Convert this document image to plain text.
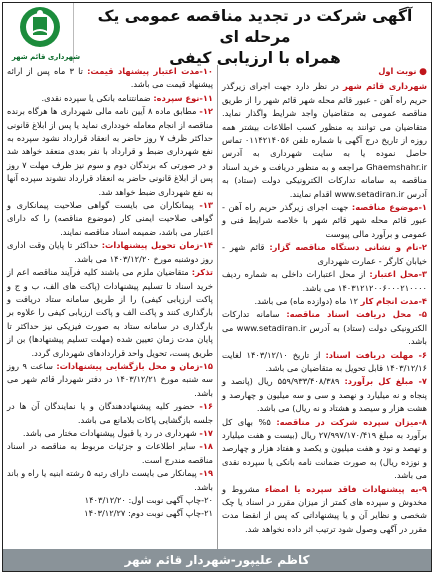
آگهی شرکت در تجدید مناقصه عمومی یک مرحله ای
همراه با ارزیابی کیفی
شهرداری قائم شهر
● نوبت اول

شهرداری قائم شهر در نظر دارد جهت اجرای زیرگذر حریم راه آهن - عبور قائم محله شهر قائم شهر را از طریق مناقصه عمومی به متقاضیان واجد شرایط واگذار نماید. متقاضیان می توانند به منظور کسب اطلاعات بیشتر همه روزه از تاریخ درج آگهی با شماره تلفن ۰۱۱۴۲۱۴۰۵۶ تماس حاصل نموده یا به سایت شهرداری به آدرس Ghaemshahr.ir مراجعه و به منظور دریافت و خرید اسناد مناقصه به سامانه تدارکات الکترونیکی دولت (ستاد) به آدرس www.setadiran.ir اقدام نمایند.

۱-موضوع مناقصه: جهت اجرای زیرگذر حریم راه آهن - عبور قائم محله شهر قائم شهر با خلاصه شرایط فنی و عمومی و برآورد مالی پیوست

۲-نام و نشانی دستگاه مناقصه گزار: قائم شهر - خیابان کارگر - عمارت شهرداری

۳-محل اعتبار: از محل اعتبارات داخلی به شماره ردیف ۱۴۰۳۱۲۱۲۰۰۶۰۰۰۲۱۰۰۰۰ می باشد.

۴-مدت انجام کار ۱۲ ماه (دوازده ماه) می باشد.

۵- محل دریافت اسناد مناقصه: سامانه تدارکات الکترونیکی دولت (ستاد) به آدرس www.setadiran.ir می باشد.

۶- مهلت دریافت اسناد: از تاریخ ۱۴۰۳/۱۲/۱۰ لغایت ۱۴۰۳/۱۲/۱۶ قابل تحویل به متقاضیان می باشد.

۷- مبلغ کل برآورد: ۵۵۹/۹۳۳/۴۰۸/۳۸۹ ریال (پانصد و پنجاه و نه میلیارد و نهصد و سی و سه میلیون و چهارصد و هشت هزار و سیصد و هشتاد و نه ریال) می باشد.

۸-میزان سپرده شرکت در مناقصه: ۵% بهای کل برآورد به مبلغ ۲۷/۹۹۷/۱۷۰/۴۱۹ ریال (بیست و هفت میلیارد و نهصد و نود و هفت میلیون و یکصد و هفتاد هزار و چهارصد و نوزده ریال) به صورت ضمانت نامه بانکی یا سپرده نقدی می باشد.

۹-به پیشنهادات فاقد سپرده یا امضاء مشروط و مخدوش و سپرده های کمتر از میزان مقرر در اسناد یا چک شخصی و نظایر آن و یا پیشنهاداتی که پس از انقضا مدت مقرر در آگهی وصول شود ترتیب اثر داده نخواهد شد.

۱۰-مدت اعتبار پیشنهاد قیمت: تا ۳ ماه پس از ارائه پیشنهاد قیمت می باشد.

۱۱-نوع سپرده: ضمانتنامه بانکی یا سپرده نقدی.

۱۲- مطابق ماده ۸ آیین نامه مالی شهرداری ها هرگاه برنده مناقصه از انجام معامله خودداری نماید یا پس از ابلاغ قانونی حداکثر ظرف ۷ روز حاضر به انعقاد قرارداد نشود سپرده به نفع شهرداری ضبط و قرارداد با نفر بعدی منعقد خواهد شد و در صورتی که برندگان دوم و سوم نیز ظرف مهلت ۷ روز پس از ابلاغ قانونی حاضر به انعقاد قرارداد نشوند سپرده آنها به نفع شهرداری ضبط خواهد شد.

۱۳- پیمانکاران می بایست گواهی صلاحیت پیمانکاری و گواهی صلاحیت ایمنی کار (موضوع مناقصه) را که دارای اعتبار می باشد، ضمیمه اسناد مناقصه نمایند.

۱۴-زمان تحویل پیشنهادات: حداکثر تا پایان وقت اداری روز دوشنبه مورخ ۱۴۰۳/۱۲/۲۰ می باشد.

تذکر: متقاضیان ملزم می باشند کلیه فرآیند مناقصه اعم از خرید اسناد تا تسلیم پیشنهادات (پاکت های الف، ب و ج و پاکت ارزیابی کیفی) را از طریق سامانه ستاد دریافت و بارگذاری کنند و پاکت الف و پاکت ارزیابی کیفی را علاوه بر بارگذاری در سامانه ستاد به صورت فیزیکی نیز حداکثر تا پایان مدت زمان تعیین شده (مهلت تسلیم پیشنهادها) بن از طریق پست، تحویل واحد قراردادهای شهرداری گردد.

۱۵-زمان و محل بازگشایی پیشنهادات: ساعت ۹ روز سه شنبه مورخ ۱۴۰۳/۱۲/۲۱ در دفتر شهردار قائم شهر می باشد.

۱۶- حضور کلیه پیشنهاددهندگان و یا نمایندگان آن ها در جلسه بازگشایی پاکات بلامانع می باشد.

۱۷- شهرداری در رد یا قبول پیشنهادات مختار می باشد.

۱۸- سایر اطلاعات و جزئیات مربوط به مناقصه در اسناد مناقصه مندرج است.

۱۹- پیمانکار می بایست دارای رتبه ۵ رشته ابنیه یا راه و باند باشد.

۲۰-چاپ آگهی نوبت اول: ۱۴۰۳/۱۲/۲۰

۲۱-چاپ آگهی نوبت دوم: ۱۴۰۳/۱۲/۲۷

کاظم علیپور-شهردار قائم شهر
